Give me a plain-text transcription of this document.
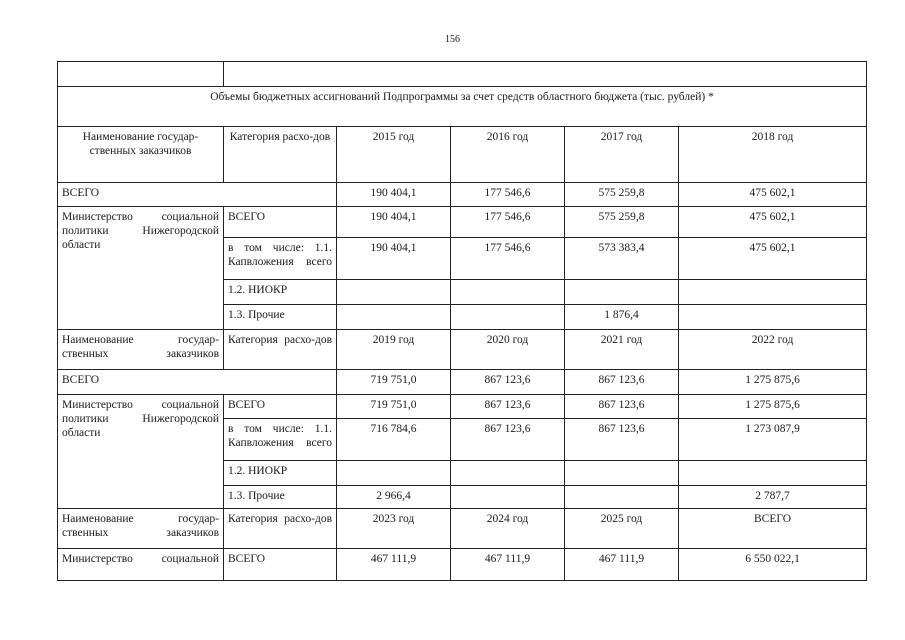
156

Объемы бюджетных ассигнований Подпрограммы за счет средств областного бюджета (тыс. рублей) *					
Наименование государ-ственных заказчиков	Категория расхо-дов	2015 год	2016 год	2017 год	2018 год
ВСЕГО		190 404,1	177 546,6	575 259,8	475 602,1
Министерство социальной политики Нижегородской области	ВСЕГО	190 404,1	177 546,6	575 259,8	475 602,1
	в том числе: 1.1. Капвложения всего	190 404,1	177 546,6	573 383,4	475 602,1
	1.2. НИОКР				
	1.3. Прочие			1 876,4	
Наименование государ-ственных заказчиков	Категория расхо-дов	2019 год	2020 год	2021 год	2022 год
ВСЕГО		719 751,0	867 123,6	867 123,6	1 275 875,6
Министерство социальной политики Нижегородской области	ВСЕГО	719 751,0	867 123,6	867 123,6	1 275 875,6
	в том числе: 1.1. Капвложения всего	716 784,6	867 123,6	867 123,6	1 273 087,9
	1.2. НИОКР				
	1.3. Прочие	2 966,4			2 787,7
Наименование государ-ственных заказчиков	Категория расхо-дов	2023 год	2024 год	2025 год	ВСЕГО
Министерство социальной	ВСЕГО	467 111,9	467 111,9	467 111,9	6 550 022,1
